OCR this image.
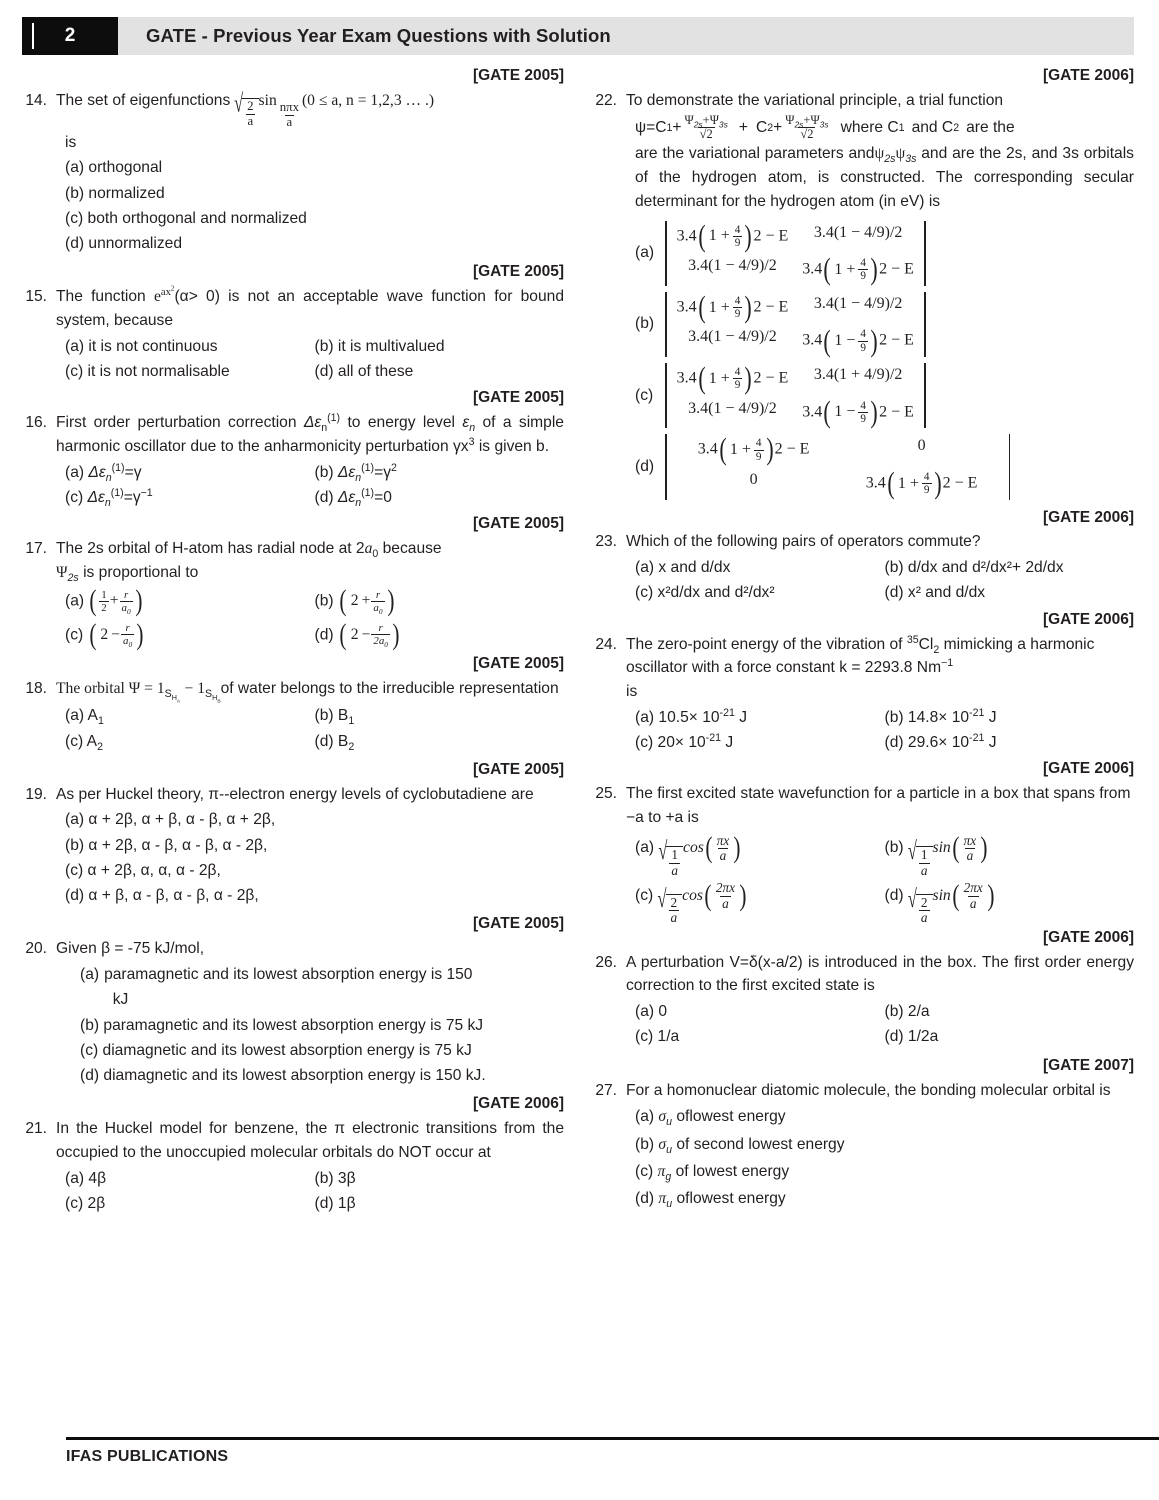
2	GATE - Previous Year Exam Questions with Solution
[GATE 2005]
14. The set of eigenfunctions √ $\frac{2}{a}$
sin
$\frac{\text{nπx}}{a}$
(0 ≤ a, n = 1,2,3 … .)
is
(a) orthogonal
(b) normalized
(c) both orthogonal and normalized
(d) unnormalized
[GATE 2005]
15. The function $e^{ax^2}(\alpha> 0)$ is not an acceptable wave function for bound system, because
(a) it is not continuous	(b) it is multivalued
(c) it is not normalisable	(d) all of these
[GATE 2005]
16. First order perturbation correction $\Delta\varepsilon_n^{(1)}$ to energy level $\varepsilon_n$ of a simple harmonic oscillator due to the anharmonicity perturbation $\gamma x^3$ is given b.
(a) $\Delta\varepsilon_n^{(1)}=\gamma$	(b) $\Delta\varepsilon_n^{(1)}=\gamma^2$
(c) $\Delta\varepsilon_n^{(1)}=\gamma^{-1}$	(d) $\Delta\varepsilon_n^{(1)}=0$
[GATE 2005]
17. The 2s orbital of H-atom has radial node at $2a_0$ because
$\Psi_{2s}$ is proportional to
(a) ( $\frac{1}{2} + \frac{r}{a_0}$ )	(b) ( $2 + \frac{r}{a_0}$ )
(c) ( $2 - \frac{r}{a_0}$ )	(d) ( $2 - \frac{r}{2a_0}$ )
[GATE 2005]
18. The orbital $\Psi = 1_{S_{H_A}} - 1_{S_{H_B}}of$ water belongs to the irreducible representation
(a) $A_1$	(b) $B_1$
(c) $A_2$	(d) $B_2$
[GATE 2005]
19. As per Huckel theory, π--electron energy levels of cyclobutadiene are
(a) α + 2β, α + β, α - β, α + 2β,
(b) α + 2β, α - β, α - β, α - 2β,
(c) α + 2β, α, α, α - 2β,
(d) α + β, α - β, α - β, α - 2β,
[GATE 2005]
20. Given β = -75 kJ/mol,
(a) paramagnetic and its lowest absorption energy is 150
kJ
(b) paramagnetic and its lowest absorption energy is 75 kJ
(c) diamagnetic and its lowest absorption energy is 75 kJ
(d) diamagnetic and its lowest absorption energy is 150 kJ.
[GATE 2006]
21. In the Huckel model for benzene, the π electronic transitions from the occupied to the unoccupied molecular orbitals do NOT occur at
(a) 4β	(b) 3β
(c) 2β	(d) 1β
[GATE 2006]
22. To demonstrate the variational principle, a trial function
ψ=C $1 + \frac{\Psi_{2s}+\Psi_{3s}}{√2} + C$ $2 + \frac{\Psi_{2s}+\Psi_{3s}}{√2}$ where C 1 and C 2 are the
are the variational parameters $and\psi_{2s}\psi_{3s}$ and are the 2s, and 3s orbitals of the hydrogen atom, is constructed. The corresponding secular determinant for the hydrogen atom (in eV) is
(a)
3.4 ( $1 + \frac{4}{9}$ ) 2 − E	3.4(1 − 4/9)/2
3.4(1 − 4/9)/2	3.4 ( $1 + \frac{4}{9}$ ) 2 − E
(b)
3.4 ( $1 + \frac{4}{9}$ ) 2 − E	3.4(1 − 4/9)/2
3.4(1 − 4/9)/2	3.4 ( $1 - \frac{4}{9}$ ) 2 − E
(c)
3.4 ( $1 + \frac{4}{9}$ ) 2 − E	3.4(1 + 4/9)/2
3.4(1 − 4/9)/2	3.4 ( $1 - \frac{4}{9}$ ) 2 − E
(d)
3.4 ( $1 + \frac{4}{9}$ ) 2 − E	0
0	3.4 ( $1 + \frac{4}{9}$ ) 2 − E
[GATE 2006]
23. Which of the following pairs of operators commute?
(a) x and d/dx	(b) d/dx and d²/dx²+ 2d/dx
(c) x²d/dx and d²/dx²	(d) x² and d/dx
[GATE 2006]
24. The zero-point energy of the vibration of $^{35}Cl_2$ mimicking a harmonic oscillator with a force constant k = 2293.8 $Nm^{-1}$
is
(a) $10.5\times 10^{-21}$ J	(b) $14.8\times 10^{-21}$ J
(c) $20\times 10^{-21}$ J	(d) $29.6\times 10^{-21}$ J
[GATE 2006]
25. The first excited state wavefunction for a particle in a box that spans from −a to +a is
(a) √ $\frac{1}{a}$
cos ( $\frac{\pi x}{a}$ )	(b) √ $\frac{1}{a}$
sin ( $\frac{\pi x}{a}$ )
(c) √ $\frac{2}{a}$
cos ( $\frac{2\pi x}{a}$ )	(d) √ $\frac{2}{a}$
sin ( $\frac{2\pi x}{a}$ )
[GATE 2006]
26. A perturbation V=δ(x-a/2) is introduced in the box. The first order energy correction to the first excited state is
(a) 0	(b) 2/a
(c) 1/a	(d) 1/2a
[GATE 2007]
27. For a homonuclear diatomic molecule, the bonding molecular orbital is
(a) $\sigma_u$ oflowest energy
(b) $\sigma_u$ of second lowest energy
(c) $\pi_g$ of lowest energy
(d) $\pi_u$ oflowest energy
IFAS PUBLICATIONS
